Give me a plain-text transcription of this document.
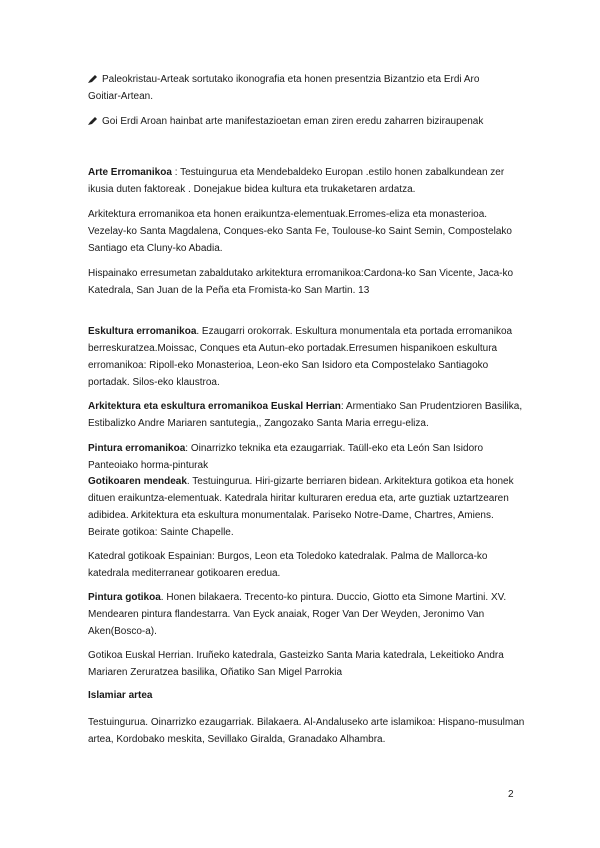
Paleokristau-Arteak sortutako ikonografia eta honen presentzia Bizantzio eta Erdi Aro

Goitiar-Artean.

Goi Erdi Aroan hainbat arte manifestazioetan eman ziren eredu zaharren biziraupenak

Arte Erromanikoa : Testuingurua eta Mendebaldeko Europan .estilo honen zabalkundean zer ikusia duten faktoreak . Donejakue bidea kultura eta trukaketaren ardatza.

Arkitektura erromanikoa eta honen eraikuntza-elementuak.Erromes-eliza eta monasterioa. Vezelay-ko Santa Magdalena, Conques-eko Santa Fe, Toulouse-ko Saint Semin, Compostelako Santiago eta Cluny-ko Abadia.

Hispainako erresumetan zabaldutako arkitektura erromanikoa:Cardona-ko San Vicente, Jaca-ko Katedrala, San Juan de la Peña eta Fromista-ko San Martin. 13

Eskultura erromanikoa. Ezaugarri orokorrak. Eskultura monumentala eta portada erromanikoa berreskuratzea.Moissac, Conques eta Autun-eko portadak.Erresumen hispanikoen eskultura erromanikoa: Ripoll-eko Monasterioa, Leon-eko San Isidoro eta Compostelako Santiagoko portadak. Silos-eko klaustroa.

Arkitektura eta eskultura erromanikoa Euskal Herrian: Armentiako San Prudentzioren Basilika, Estibalizko Andre Mariaren santutegia,, Zangozako Santa Maria erregu-eliza.

Pintura erromanikoa: Oinarrizko teknika eta ezaugarriak. Taüll-eko eta León San Isidoro Panteoiako horma-pinturak

Gotikoaren mendeak. Testuingurua. Hiri-gizarte berriaren bidean. Arkitektura gotikoa eta honek dituen eraikuntza-elementuak. Katedrala hiritar kulturaren eredua eta, arte guztiak uztartzearen adibidea. Arkitektura eta eskultura monumentalak. Pariseko Notre-Dame, Chartres, Amiens. Beirate gotikoa: Sainte Chapelle.

Katedral gotikoak Espainian: Burgos, Leon eta Toledoko katedralak. Palma de Mallorca-ko katedrala mediterranear gotikoaren eredua.

Pintura gotikoa. Honen bilakaera. Trecento-ko pintura. Duccio, Giotto eta Simone Martini. XV. Mendearen pintura flandestarra. Van Eyck anaiak, Roger Van Der Weyden, Jeronimo Van Aken(Bosco-a).

Gotikoa Euskal Herrian. Iruñeko katedrala, Gasteizko Santa Maria katedrala, Lekeitioko Andra Mariaren Zeruratzea basilika, Oñatiko San Migel Parrokia

Islamiar artea

Testuingurua. Oinarrizko ezaugarriak. Bilakaera. Al-Andaluseko arte islamikoa: Hispano-musulman artea, Kordobako meskita, Sevillako Giralda, Granadako Alhambra.

2
